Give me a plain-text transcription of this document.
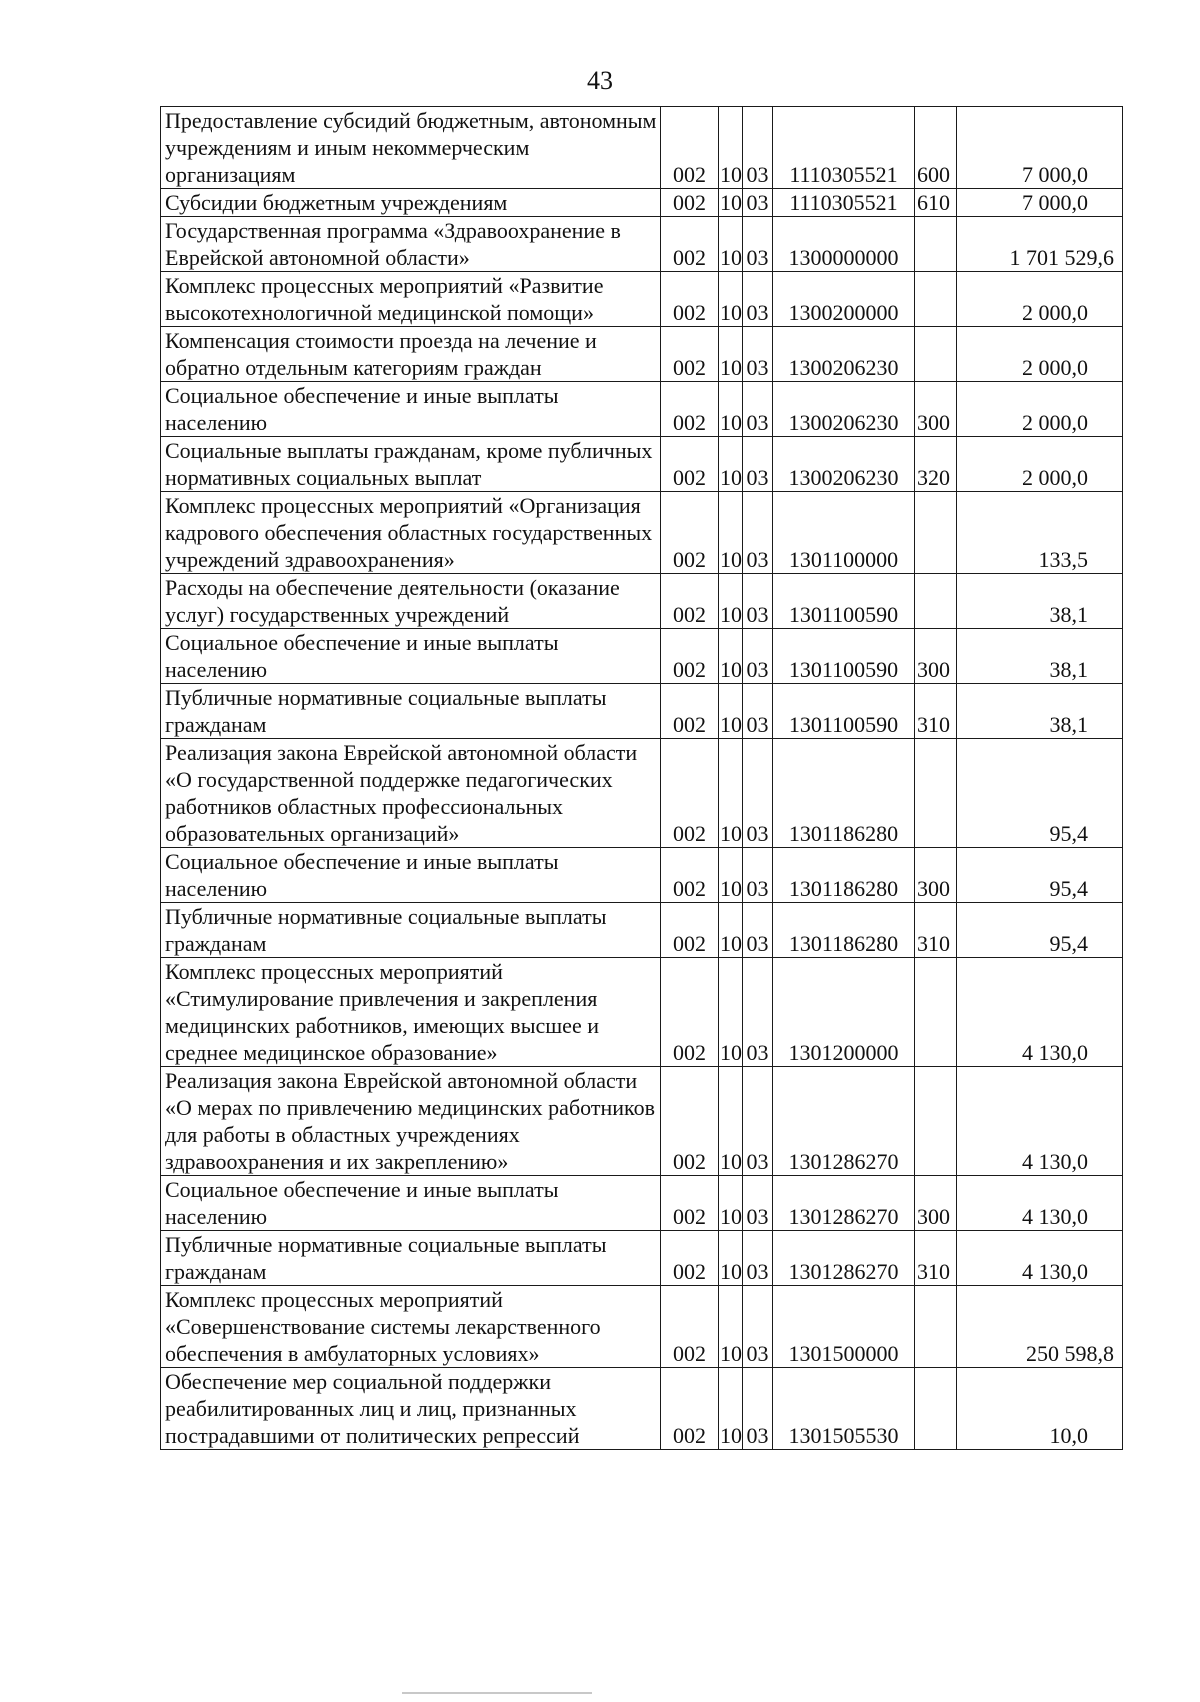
43
Предоставление субсидий бюджетным, автономным учреждениям и иным некоммерческим организациям	002	10	03	1110305521	600	7 000,0
Субсидии бюджетным учреждениям	002	10	03	1110305521	610	7 000,0
Государственная программа «Здравоохранение в Еврейской автономной области»	002	10	03	1300000000		1 701 529,6
Комплекс процессных мероприятий «Развитие высокотехнологичной медицинской помощи»	002	10	03	1300200000		2 000,0
Компенсация стоимости проезда на лечение и обратно отдельным категориям граждан	002	10	03	1300206230		2 000,0
Социальное обеспечение и иные выплаты населению	002	10	03	1300206230	300	2 000,0
Социальные выплаты гражданам, кроме публичных нормативных социальных выплат	002	10	03	1300206230	320	2 000,0
Комплекс процессных мероприятий «Организация кадрового обеспечения областных государственных учреждений здравоохранения»	002	10	03	1301100000		133,5
Расходы на обеспечение деятельности (оказание услуг) государственных учреждений	002	10	03	1301100590		38,1
Социальное обеспечение и иные выплаты населению	002	10	03	1301100590	300	38,1
Публичные нормативные социальные выплаты гражданам	002	10	03	1301100590	310	38,1
Реализация закона Еврейской автономной области «О государственной поддержке педагогических работников областных профессиональных образовательных организаций»	002	10	03	1301186280		95,4
Социальное обеспечение и иные выплаты населению	002	10	03	1301186280	300	95,4
Публичные нормативные социальные выплаты гражданам	002	10	03	1301186280	310	95,4
Комплекс процессных мероприятий «Стимулирование привлечения и закрепления медицинских работников, имеющих высшее и среднее медицинское образование»	002	10	03	1301200000		4 130,0
Реализация закона Еврейской автономной области «О мерах по привлечению медицинских работников для работы в областных учреждениях здравоохранения и их закреплению»	002	10	03	1301286270		4 130,0
Социальное обеспечение и иные выплаты населению	002	10	03	1301286270	300	4 130,0
Публичные нормативные социальные выплаты гражданам	002	10	03	1301286270	310	4 130,0
Комплекс процессных мероприятий «Совершенствование системы лекарственного обеспечения в амбулаторных условиях»	002	10	03	1301500000		250 598,8
Обеспечение мер социальной поддержки реабилитированных лиц и лиц, признанных пострадавшими от политических репрессий	002	10	03	1301505530		10,0
